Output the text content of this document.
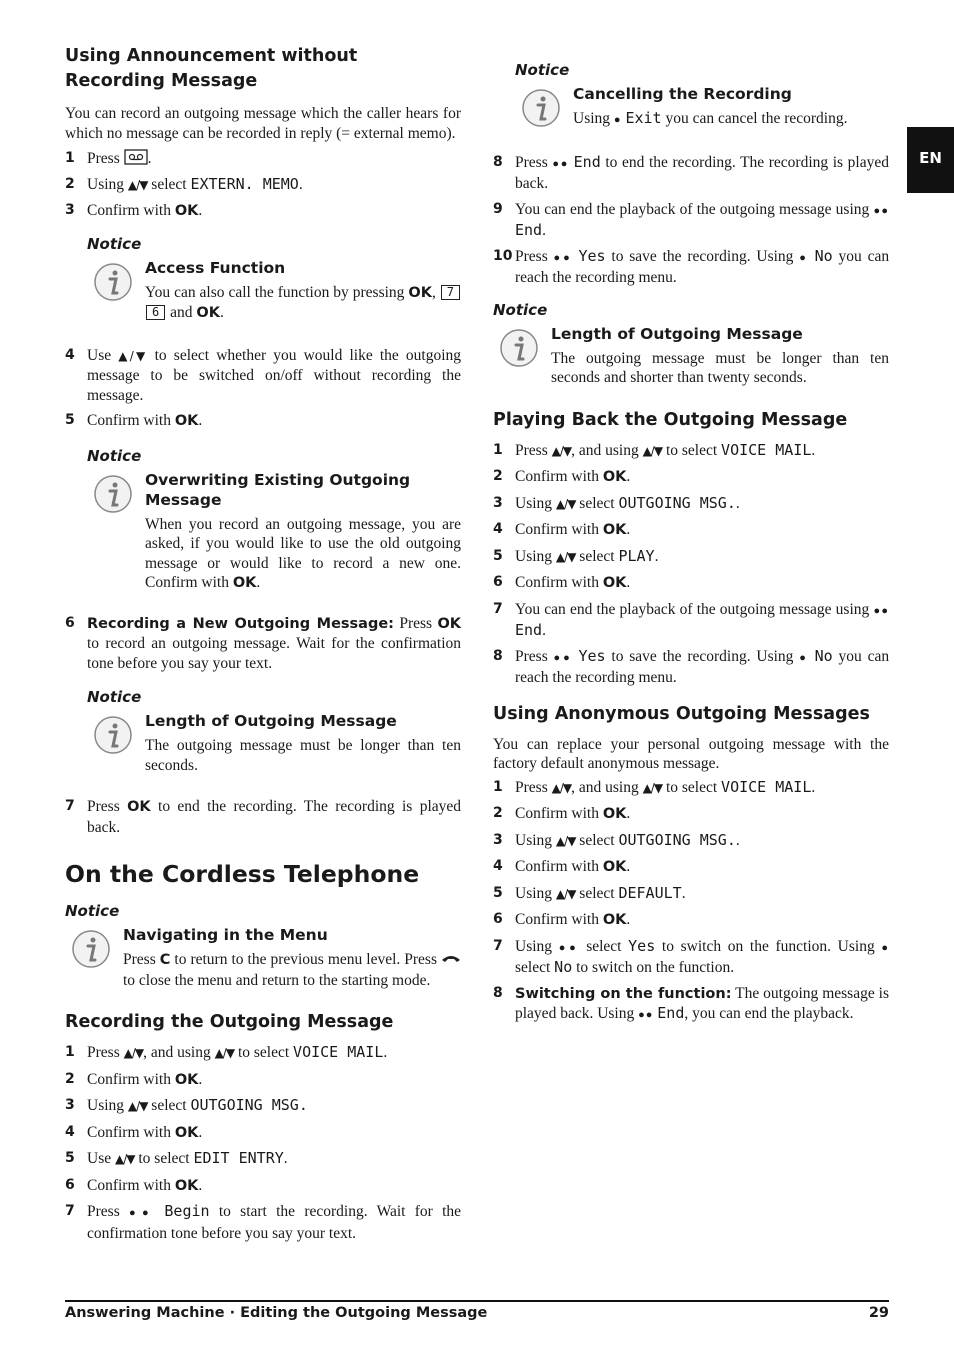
EN
Using Announcement without Recording Message

You can record an outgoing message which the caller hears for which no message can be recorded in reply (= external memo).

1 Press .
2 Using ▲/▼ select EXTERN. MEMO.
3 Confirm with OK.
Notice
Access Function
You can also call the function by pressing OK, 76 and OK.
4 Use ▲/▼ to select whether you would like the outgoing message to be switched on/off without recording the message.
5 Confirm with OK.
Notice
Overwriting Existing Outgoing Message
When you record an outgoing message, you are asked, if you would like to use the old outgoing message or would like to record a new one. Confirm with OK.
6 Recording a New Outgoing Message: Press OK to record an outgoing message. Wait for the confirmation tone before you say your text.
Notice
Length of Outgoing Message
The outgoing message must be longer than ten seconds.
7 Press OK to end the recording. The recording is played back.
On the Cordless Telephone
Notice
Navigating in the Menu
Press C to return to the previous menu level. Press  to close the menu and return to the starting mode.
Recording the Outgoing Message
1 Press ▲/▼, and using ▲/▼ to select VOICE MAIL.
2 Confirm with OK.
3 Using ▲/▼ select OUTGOING MSG.
4 Confirm with OK.
5 Use ▲/▼ to select EDIT ENTRY.
6 Confirm with OK.
7 Press ●● Begin to start the recording. Wait for the confirmation tone before you say your text.
Notice
Cancelling the Recording
Using ● Exit you can cancel the recording.
8 Press ●● End to end the recording. The recording is played back.
9 You can end the playback of the outgoing message using ●● End.
10 Press ●● Yes to save the recording. Using ● No you can reach the recording menu.
Notice
Length of Outgoing Message
The outgoing message must be longer than ten seconds and shorter than twenty seconds.
Playing Back the Outgoing Message
1 Press ▲/▼, and using ▲/▼ to select VOICE MAIL.
2 Confirm with OK.
3 Using ▲/▼ select OUTGOING MSG..
4 Confirm with OK.
5 Using ▲/▼ select PLAY.
6 Confirm with OK.
7 You can end the playback of the outgoing message using ●● End.
8 Press ●● Yes to save the recording. Using ● No you can reach the recording menu.
Using Anonymous Outgoing Messages

You can replace your personal outgoing message with the factory default anonymous message.

1 Press ▲/▼, and using ▲/▼ to select VOICE MAIL.
2 Confirm with OK.
3 Using ▲/▼ select OUTGOING MSG..
4 Confirm with OK.
5 Using ▲/▼ select DEFAULT.
6 Confirm with OK.
7 Using ●● select Yes to switch on the function. Using ● select No to switch on the function.
8 Switching on the function: The outgoing message is played back. Using ●● End, you can end the playback.
Answering Machine · Editing the Outgoing Message	29
